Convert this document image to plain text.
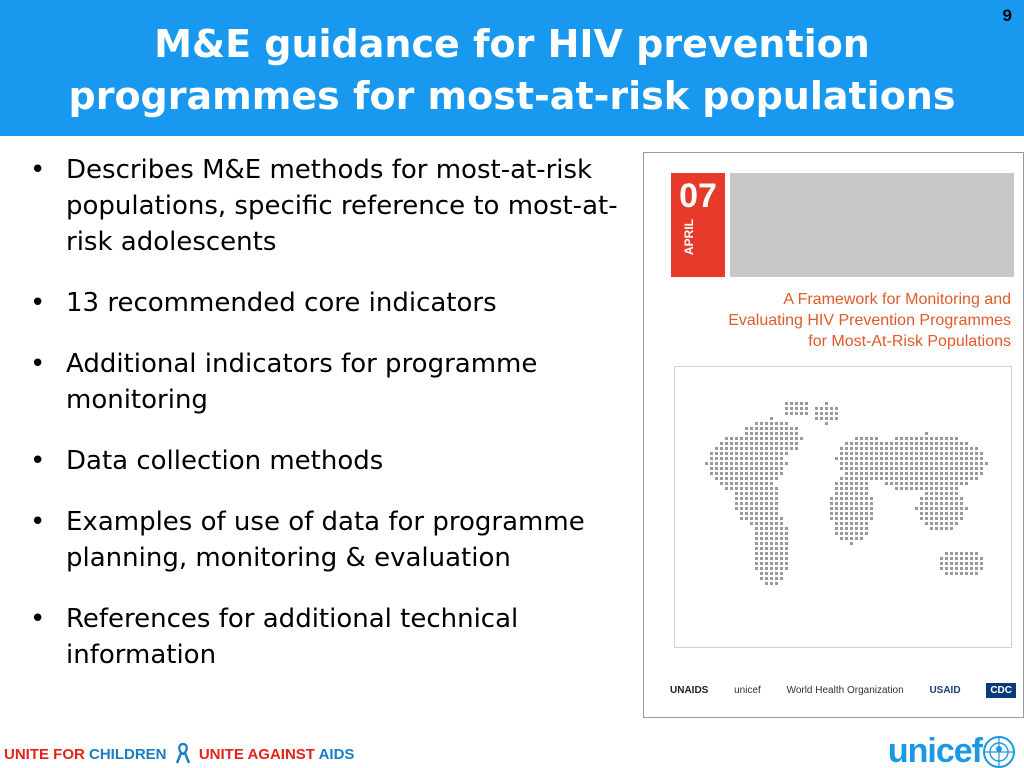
M&E guidance for HIV prevention
programmes for most-at-risk populations
9
• Describes M&E methods for most-at-risk populations, specific reference to most-at-risk adolescents
• 13 recommended core indicators
• Additional indicators for programme monitoring
• Data collection methods
• Examples of use of data for programme planning, monitoring & evaluation
• References for additional technical information
07
APRIL
A Framework for Monitoring and
Evaluating HIV Prevention Programmes
for Most-At-Risk Populations
UNAIDS	unicef	World Health Organization	USAID	CDC
UNITE FOR CHILDREN UNITE AGAINST AIDS	unicef
